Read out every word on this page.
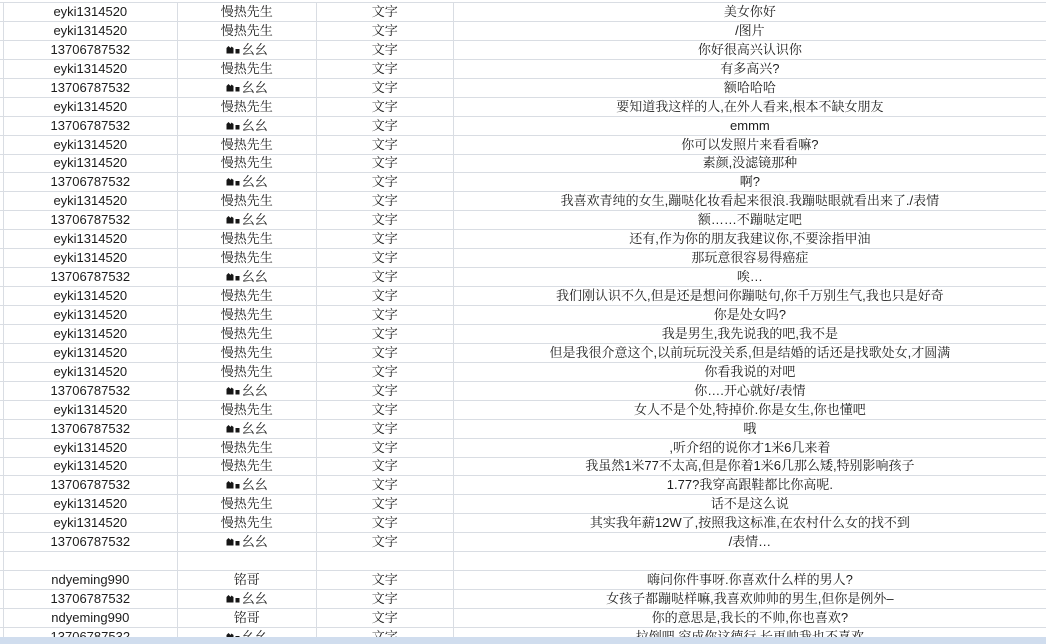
eyki1314520	慢热先生	文字	美女你好
eyki1314520	慢热先生	文字	/图片
13706787532	幺幺	文字	你好很高兴认识你
eyki1314520	慢热先生	文字	有多高兴?
13706787532	幺幺	文字	额哈哈哈
eyki1314520	慢热先生	文字	要知道我这样的人,在外人看来,根本不缺女朋友
13706787532	幺幺	文字	emmm
eyki1314520	慢热先生	文字	你可以发照片来看看嘛?
eyki1314520	慢热先生	文字	素颜,没滤镜那种
13706787532	幺幺	文字	啊?
eyki1314520	慢热先生	文字	我喜欢青纯的女生,蹦哒化妆看起来很浪.我蹦哒眼就看出来了./表情
13706787532	幺幺	文字	额……不蹦哒定吧
eyki1314520	慢热先生	文字	还有,作为你的朋友我建议你,不要涂指甲油
eyki1314520	慢热先生	文字	那玩意很容易得癌症
13706787532	幺幺	文字	唉…
eyki1314520	慢热先生	文字	我们刚认识不久,但是还是想问你蹦哒句,你千万别生气,我也只是好奇
eyki1314520	慢热先生	文字	你是处女吗?
eyki1314520	慢热先生	文字	我是男生,我先说我的吧,我不是
eyki1314520	慢热先生	文字	但是我很介意这个,以前玩玩没关系,但是结婚的话还是找歌处女,才圆满
eyki1314520	慢热先生	文字	你看我说的对吧
13706787532	幺幺	文字	你….开心就好/表情
eyki1314520	慢热先生	文字	女人不是个处,特掉价.你是女生,你也懂吧
13706787532	幺幺	文字	哦
eyki1314520	慢热先生	文字	,听介绍的说你才1米6几来着
eyki1314520	慢热先生	文字	我虽然1米77不太高,但是你着1米6几那么矮,特别影响孩子
13706787532	幺幺	文字	1.77?我穿高跟鞋都比你高呢.
eyki1314520	慢热先生	文字	话不是这么说
eyki1314520	慢热先生	文字	其实我年薪12W了,按照我这标准,在农村什么女的找不到
13706787532	幺幺	文字	/表情…
ndyeming990	铭哥	文字	嗨问你件事呀.你喜欢什么样的男人?
13706787532	幺幺	文字	女孩子都蹦哒样嘛,我喜欢帅帅的男生,但你是例外–
ndyeming990	铭哥	文字	你的意思是,我长的不帅,你也喜欢?
